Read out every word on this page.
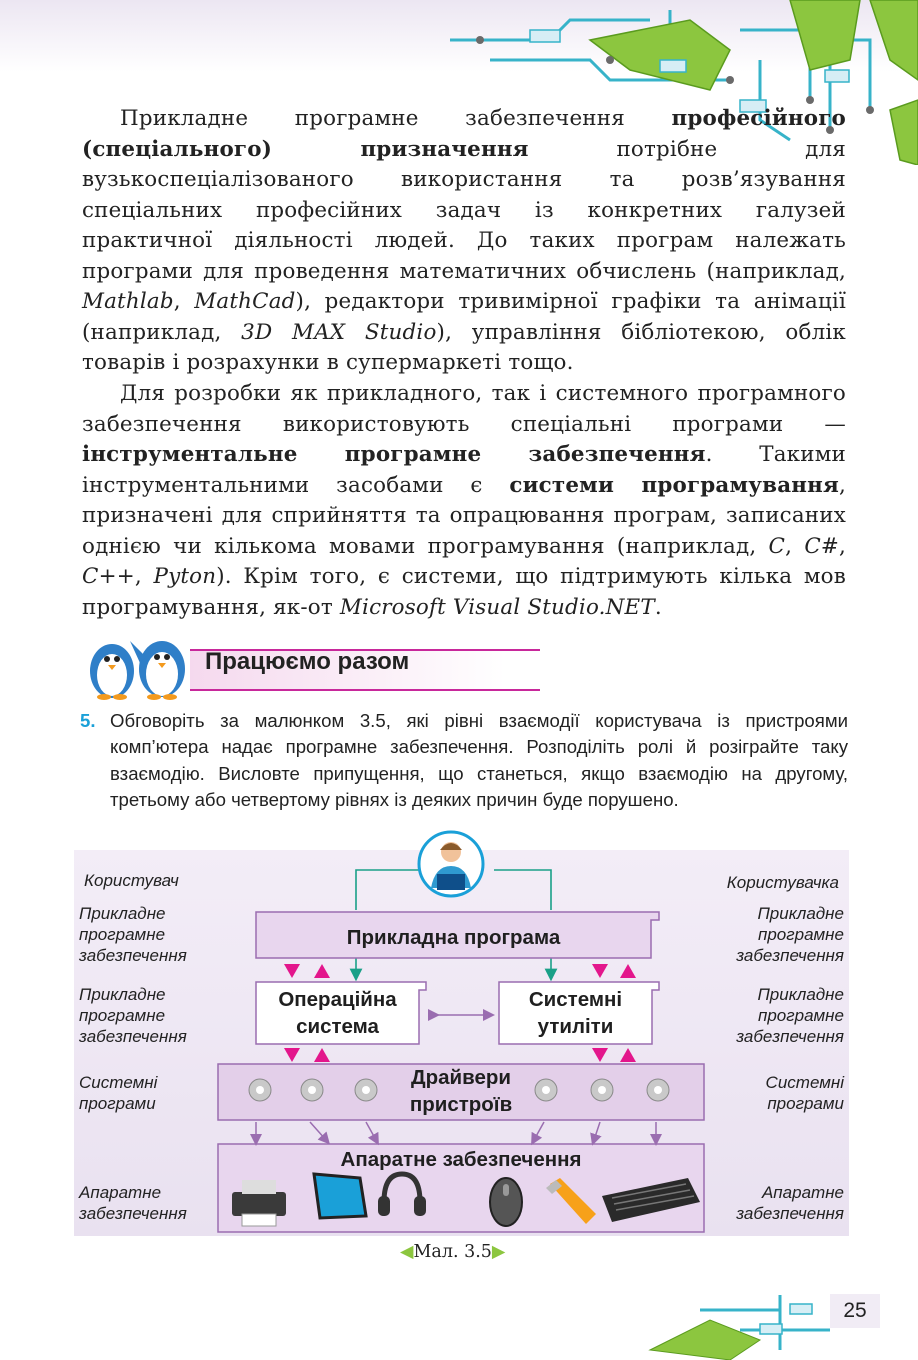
Прикладне програмне забезпечення професійного (спеціального) призначення потрібне для вузькоспеціалізованого використання та розв’язування спеціальних професійних задач із конкретних галузей практичної діяльності людей. До таких програм належать програми для проведення математичних обчислень (наприклад, Mathlab, MathCad), редактори тривимірної графіки та анімації (наприклад, 3D MAX Studio), управління бібліотекою, облік товарів і розрахунки в супермаркеті тощо.
Для розробки як прикладного, так і системного програмного забезпечення використовують спеціальні програми — інструментальне програмне забезпечення. Такими інструментальними засобами є системи програмування, призначені для сприйняття та опрацювання програм, записаних однією чи кількома мовами програмування (наприклад, C, C#, C++, Pyton). Крім того, є системи, що підтримують кілька мов програмування, як-от Microsoft Visual Studio.NET.
Працюємо разом
5. Обговоріть за малюнком 3.5, які рівні взаємодії користувача із пристроями комп’ютера надає програмне забезпечення. Розподіліть ролі й розіграйте таку взаємодію. Висловте припущення, що станеться, якщо взаємодію на другому, третьому або четвертому рівнях із деяких причин буде порушено.
Користувач
Прикладне
програмне
забезпечення
Прикладне
програмне
забезпечення
Системні
програми
Апаратне
забезпечення
Користувачка
Прикладне
програмне
забезпечення
Прикладне
програмне
забезпечення
Системні
програми
Апаратне
забезпечення
Прикладна програма
Операційна
система
Системні
утиліти
Драйвери
пристроїв
Апаратне забезпечення
◀Мал. 3.5▶
25
